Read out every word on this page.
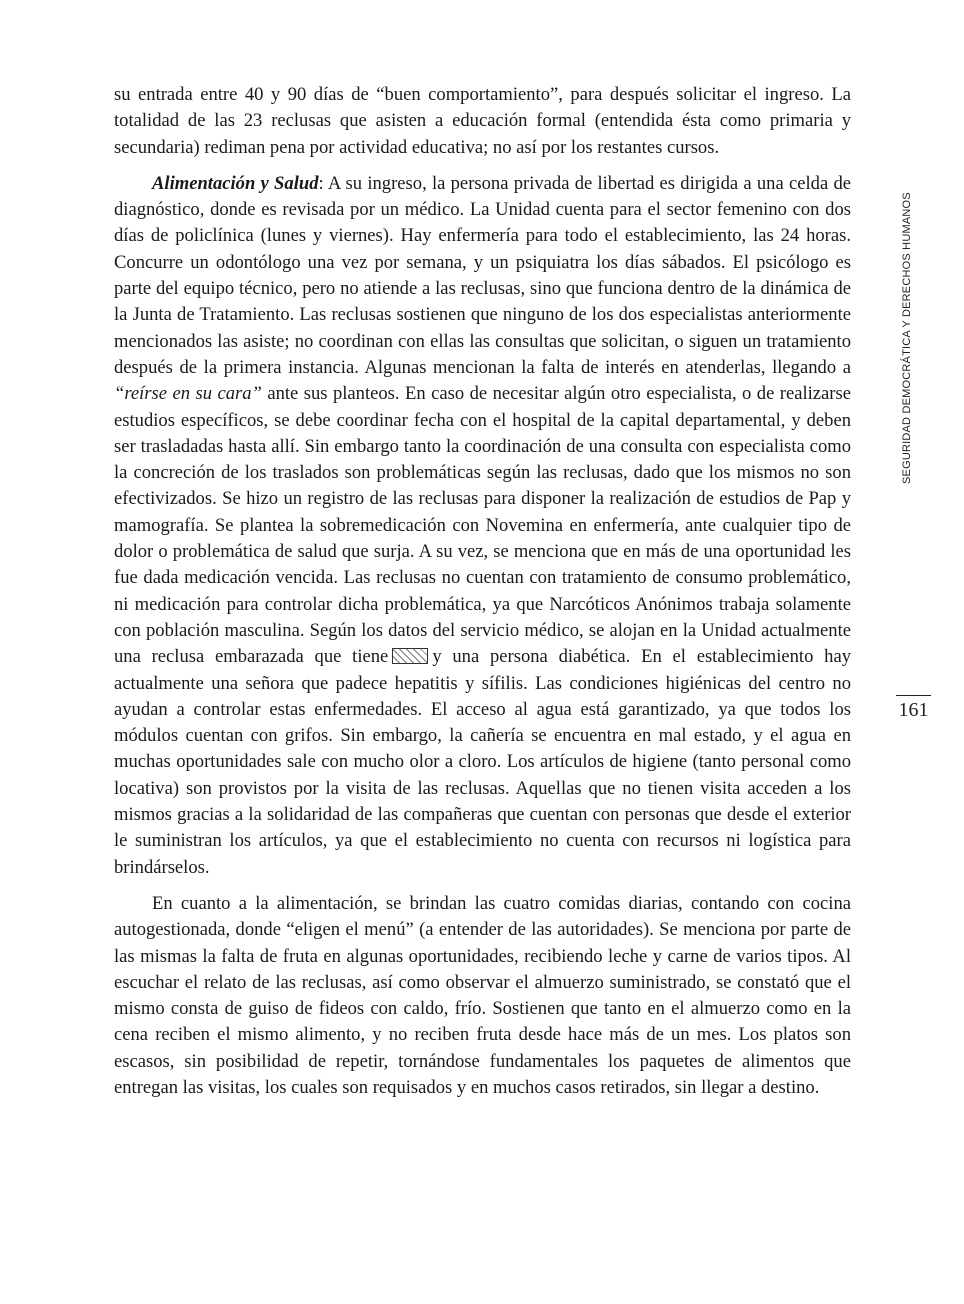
su entrada entre 40 y 90 días de “buen comportamiento”, para después solicitar el ingreso. La totalidad de las 23 reclusas que asisten a educación formal (entendida ésta como primaria y secundaria) rediman pena por actividad educativa; no así por los restantes cursos.

Alimentación y Salud: A su ingreso, la persona privada de libertad es dirigida a una celda de diagnóstico, donde es revisada por un médico. La Unidad cuenta para el sector femenino con dos días de policlínica (lunes y viernes). Hay enfermería para todo el establecimiento, las 24 horas. Concurre un odontólogo una vez por semana, y un psiquiatra los días sábados. El psicólogo es parte del equipo técnico, pero no atiende a las reclusas, sino que funciona dentro de la dinámica de la Junta de Tratamiento. Las reclusas sostienen que ninguno de los dos especialistas anteriormente mencionados las asiste; no coordinan con ellas las consultas que solicitan, o siguen un tratamiento después de la primera instancia. Algunas mencionan la falta de interés en atenderlas, llegando a “reírse en su cara” ante sus planteos. En caso de necesitar algún otro especialista, o de realizarse estudios específicos, se debe coordinar fecha con el hospital de la capital departamental, y deben ser trasladadas hasta allí. Sin embargo tanto la coordinación de una consulta con especialista como la concreción de los traslados son problemáticas según las reclusas, dado que los mismos no son efectivizados. Se hizo un registro de las reclusas para disponer la realización de estudios de Pap y mamografía. Se plantea la sobremedicación con Novemina en enfermería, ante cualquier tipo de dolor o problemática de salud que surja. A su vez, se menciona que en más de una oportunidad les fue dada medicación vencida. Las reclusas no cuentan con tratamiento de consumo problemático, ni medicación para controlar dicha problemática, ya que Narcóticos Anónimos trabaja solamente con población masculina. Según los datos del servicio médico, se alojan en la Unidad actualmente una reclusa embarazada que tiene y una persona diabética. En el establecimiento hay actualmente una señora que padece hepatitis y sífilis. Las condiciones higiénicas del centro no ayudan a controlar estas enfermedades. El acceso al agua está garantizado, ya que todos los módulos cuentan con grifos. Sin embargo, la cañería se encuentra en mal estado, y el agua en muchas oportunidades sale con mucho olor a cloro. Los artículos de higiene (tanto personal como locativa) son provistos por la visita de las reclusas. Aquellas que no tienen visita acceden a los mismos gracias a la solidaridad de las compañeras que cuentan con personas que desde el exterior le suministran los artículos, ya que el establecimiento no cuenta con recursos ni logística para brindárselos.

En cuanto a la alimentación, se brindan las cuatro comidas diarias, contando con cocina autogestionada, donde “eligen el menú” (a entender de las autoridades). Se menciona por parte de las mismas la falta de fruta en algunas oportunidades, recibiendo leche y carne de varios tipos. Al escuchar el relato de las reclusas, así como observar el almuerzo suministrado, se constató que el mismo consta de guiso de fideos con caldo, frío. Sostienen que tanto en el almuerzo como en la cena reciben el mismo alimento, y no reciben fruta desde hace más de un mes. Los platos son escasos, sin posibilidad de repetir, tornándose fundamentales los paquetes de alimentos que entregan las visitas, los cuales son requisados y en muchos casos retirados, sin llegar a destino.

SEGURIDAD DEMOCRÁTICA Y DERECHOS HUMANOS
161
